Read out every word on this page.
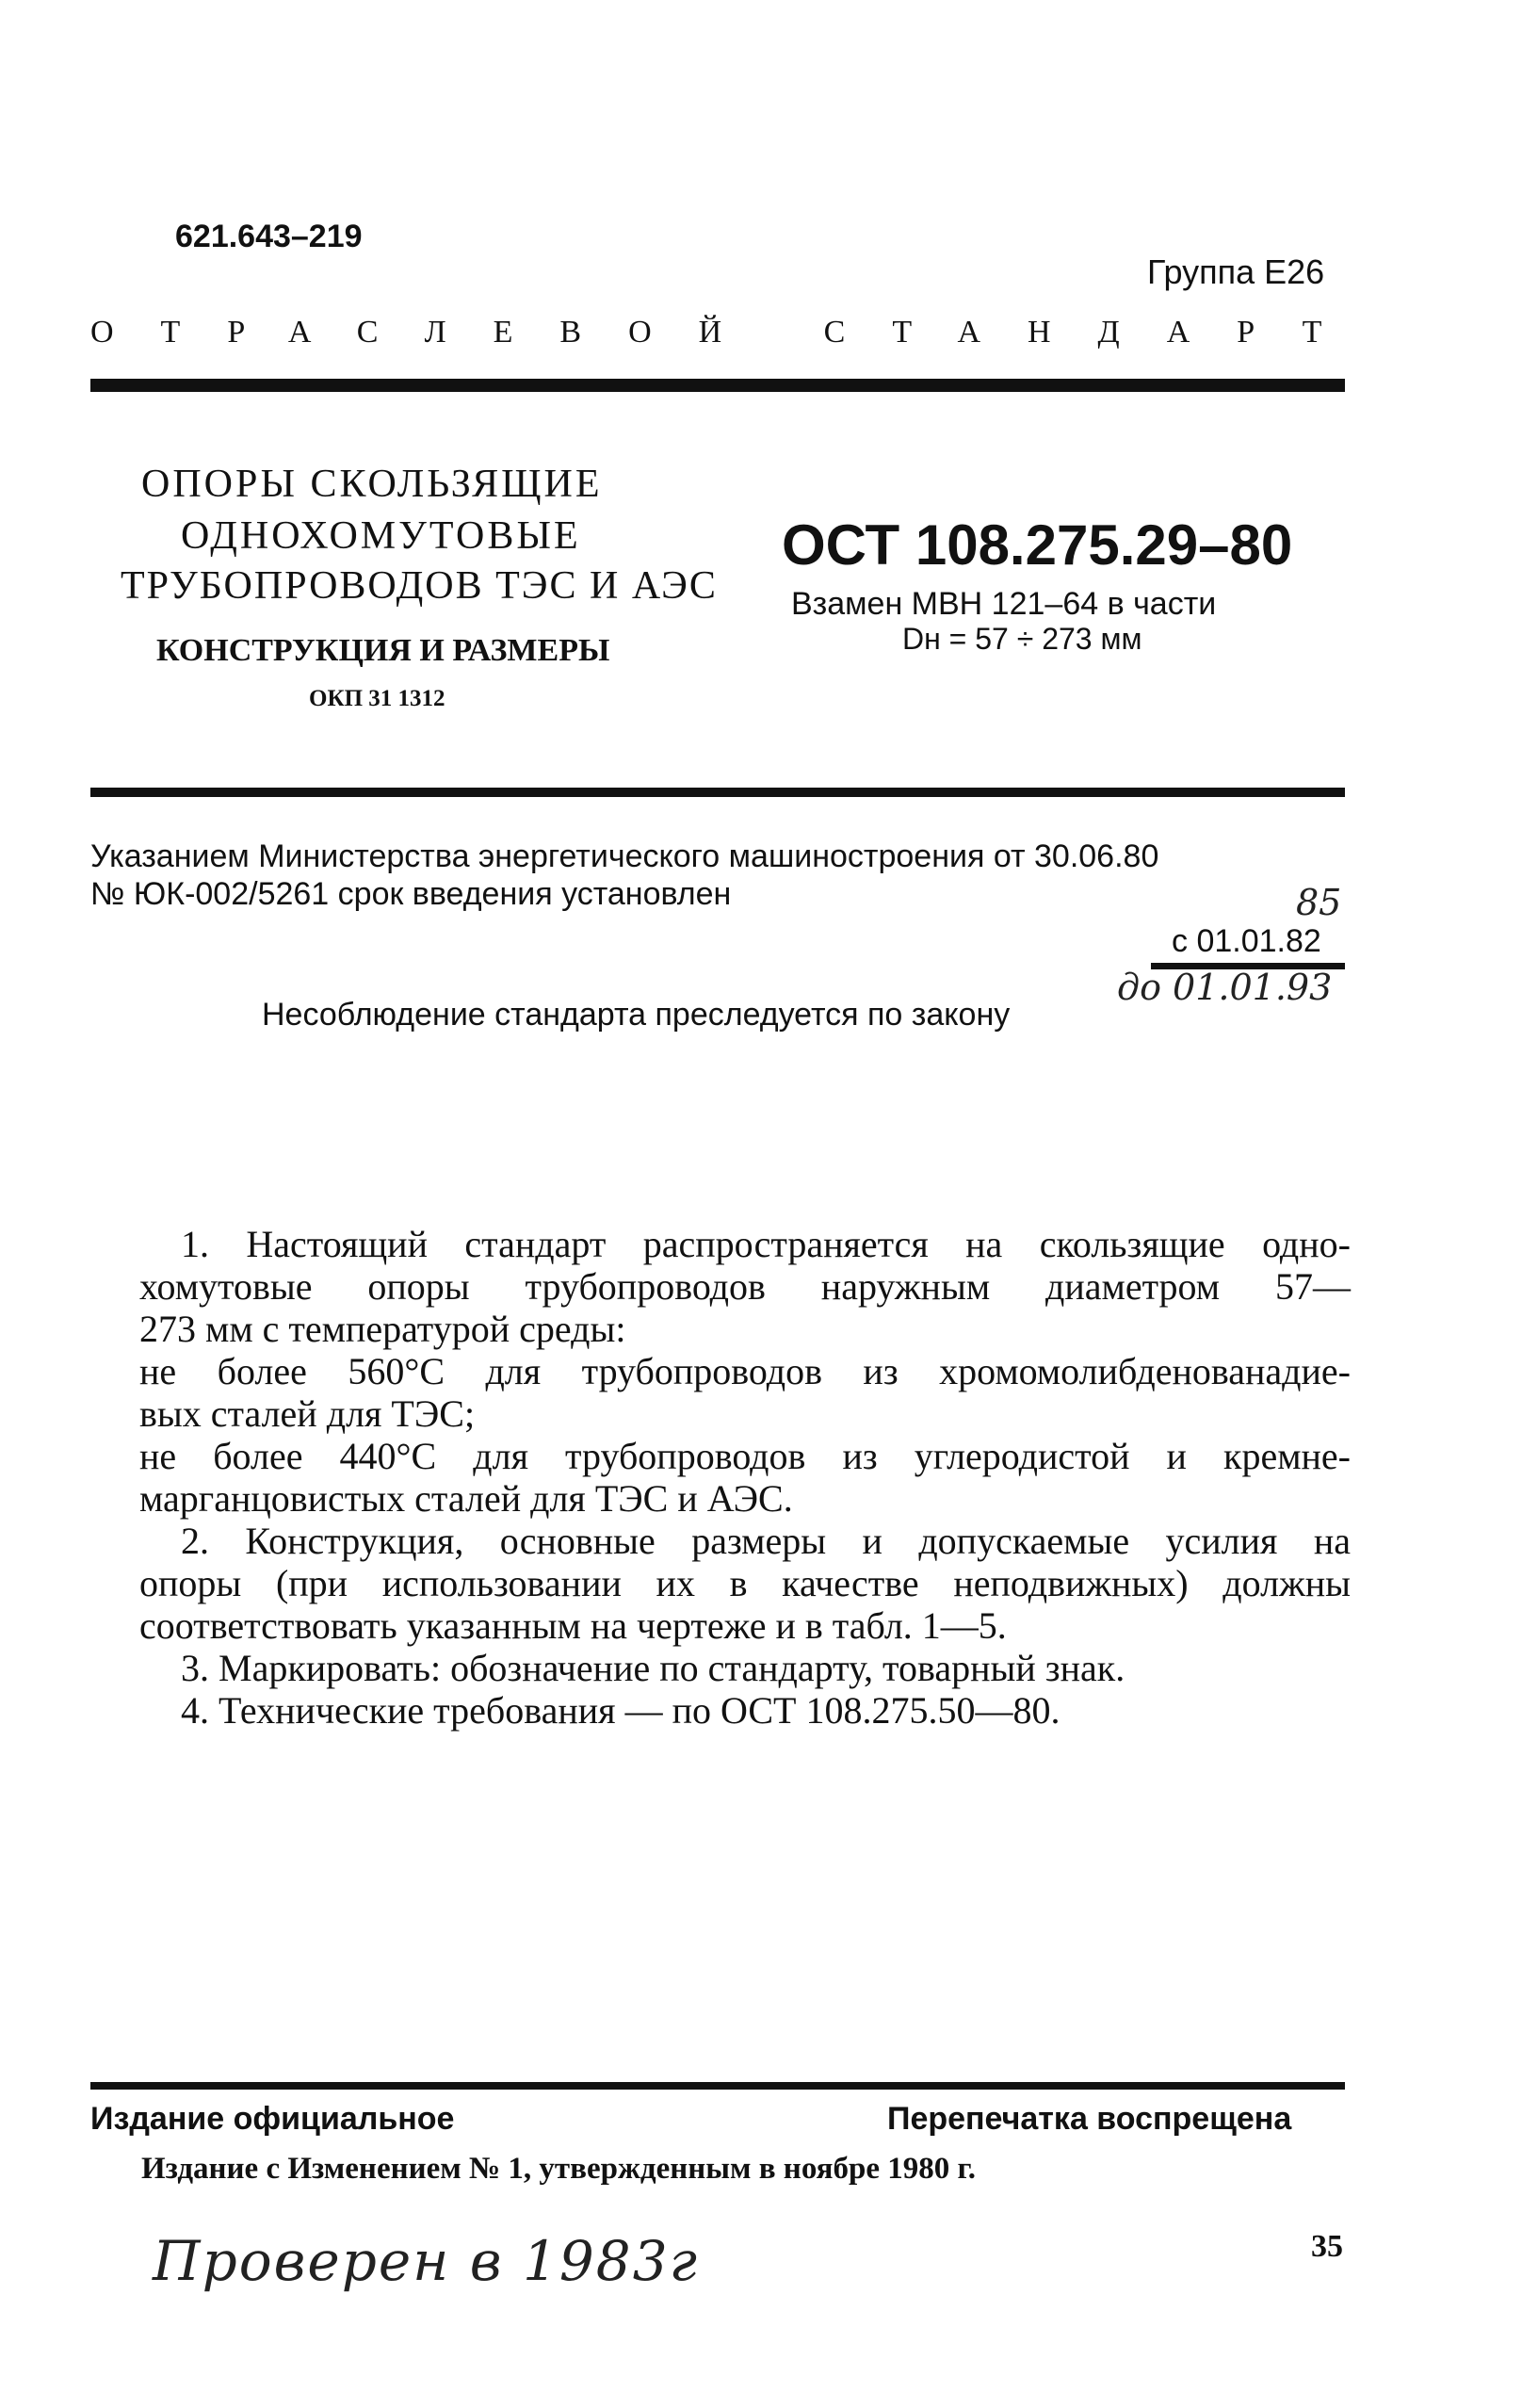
621.643–219
Группа Е26
ОТРАСЛЕВОЙ СТАНДАРТ
ОПОРЫ СКОЛЬЗЯЩИЕ
ОДНОХОМУТОВЫЕ
ТРУБОПРОВОДОВ ТЭС И АЭС
КОНСТРУКЦИЯ И РАЗМЕРЫ
ОКП 31 1312
ОСТ 108.275.29–80
Взамен МВН 121–64 в части
Dн = 57 ÷ 273 мм
Указанием Министерства энергетического машиностроения от 30.06.80
№ ЮК-002/5261 срок введения установлен	85
с 01.01.82
до 01.01.93
Несоблюдение стандарта преследуется по закону
1. Настоящий стандарт распространяется на скользящие одно-
хомутовые опоры трубопроводов наружным диаметром 57—
273 мм с температурой среды:
не более 560°С для трубопроводов из хромомолибденованадие-
вых сталей для ТЭС;
не более 440°С для трубопроводов из углеродистой и кремне-
марганцовистых сталей для ТЭС и АЭС.
2. Конструкция, основные размеры и допускаемые усилия на
опоры (при использовании их в качестве неподвижных) должны
соответствовать указанным на чертеже и в табл. 1—5.
3. Маркировать: обозначение по стандарту, товарный знак.
4. Технические требования — по ОСТ 108.275.50—80.
Издание официальное	Перепечатка воспрещена
Издание с Изменением № 1, утвержденным в ноябре 1980 г.
Проверен в 1983г	35
